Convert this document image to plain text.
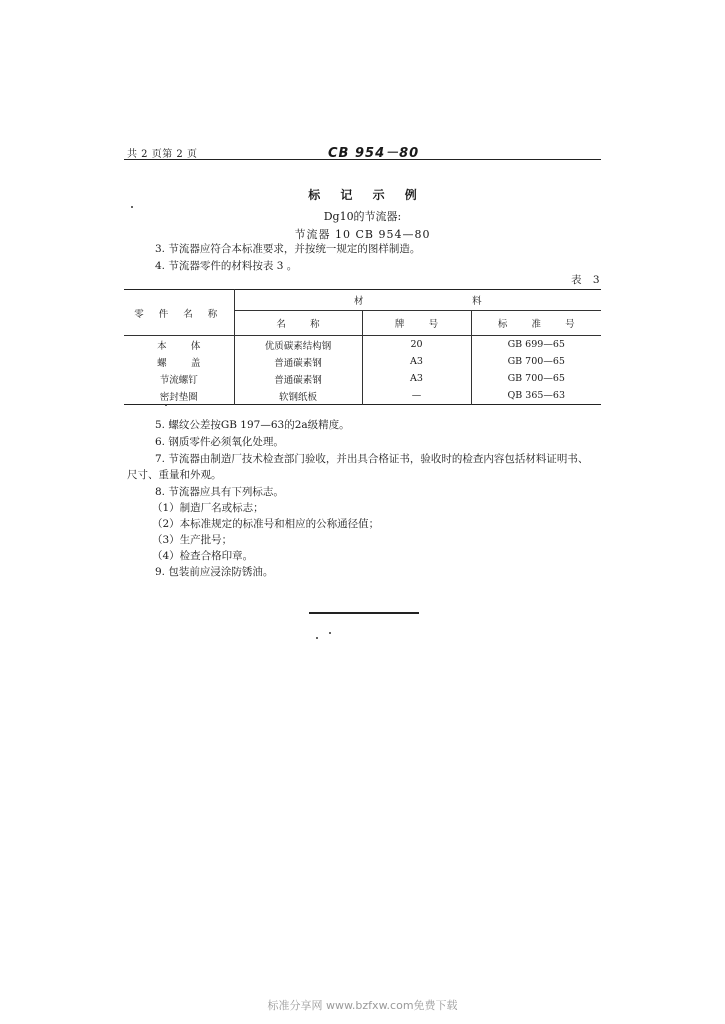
共 2 页第 2 页	CB 954－80
标 记 示 例
Dg10的节流器:
节流器 10 CB 954—80
3. 节流器应符合本标准要求，并按统一规定的图样制造。
4. 节流器零件的材料按表 3 。
表 3
零 件 名 称	材                                    料		
	名        称	牌        号	标        准        号
本        体	优质碳素结构钢	20	GB 699—65
螺        盖	普通碳素钢	A3	GB 700—65
节流螺钉	普通碳素钢	A3	GB 700—65
密封垫圈	软钢纸板	—	QB 365—63
5. 螺纹公差按GB 197—63的2a级精度。
6. 钢质零件必须氧化处理。
7. 节流器由制造厂技术检查部门验收，并出具合格证书，验收时的检查内容包括材料证明书、
尺寸、重量和外观。
8. 节流器应具有下列标志。
（1）制造厂名或标志；
（2）本标准规定的标准号和相应的公称通径值；
（3）生产批号；
（4）检查合格印章。
9. 包装前应浸涂防锈油。
标准分享网 www.bzfxw.com免费下载
